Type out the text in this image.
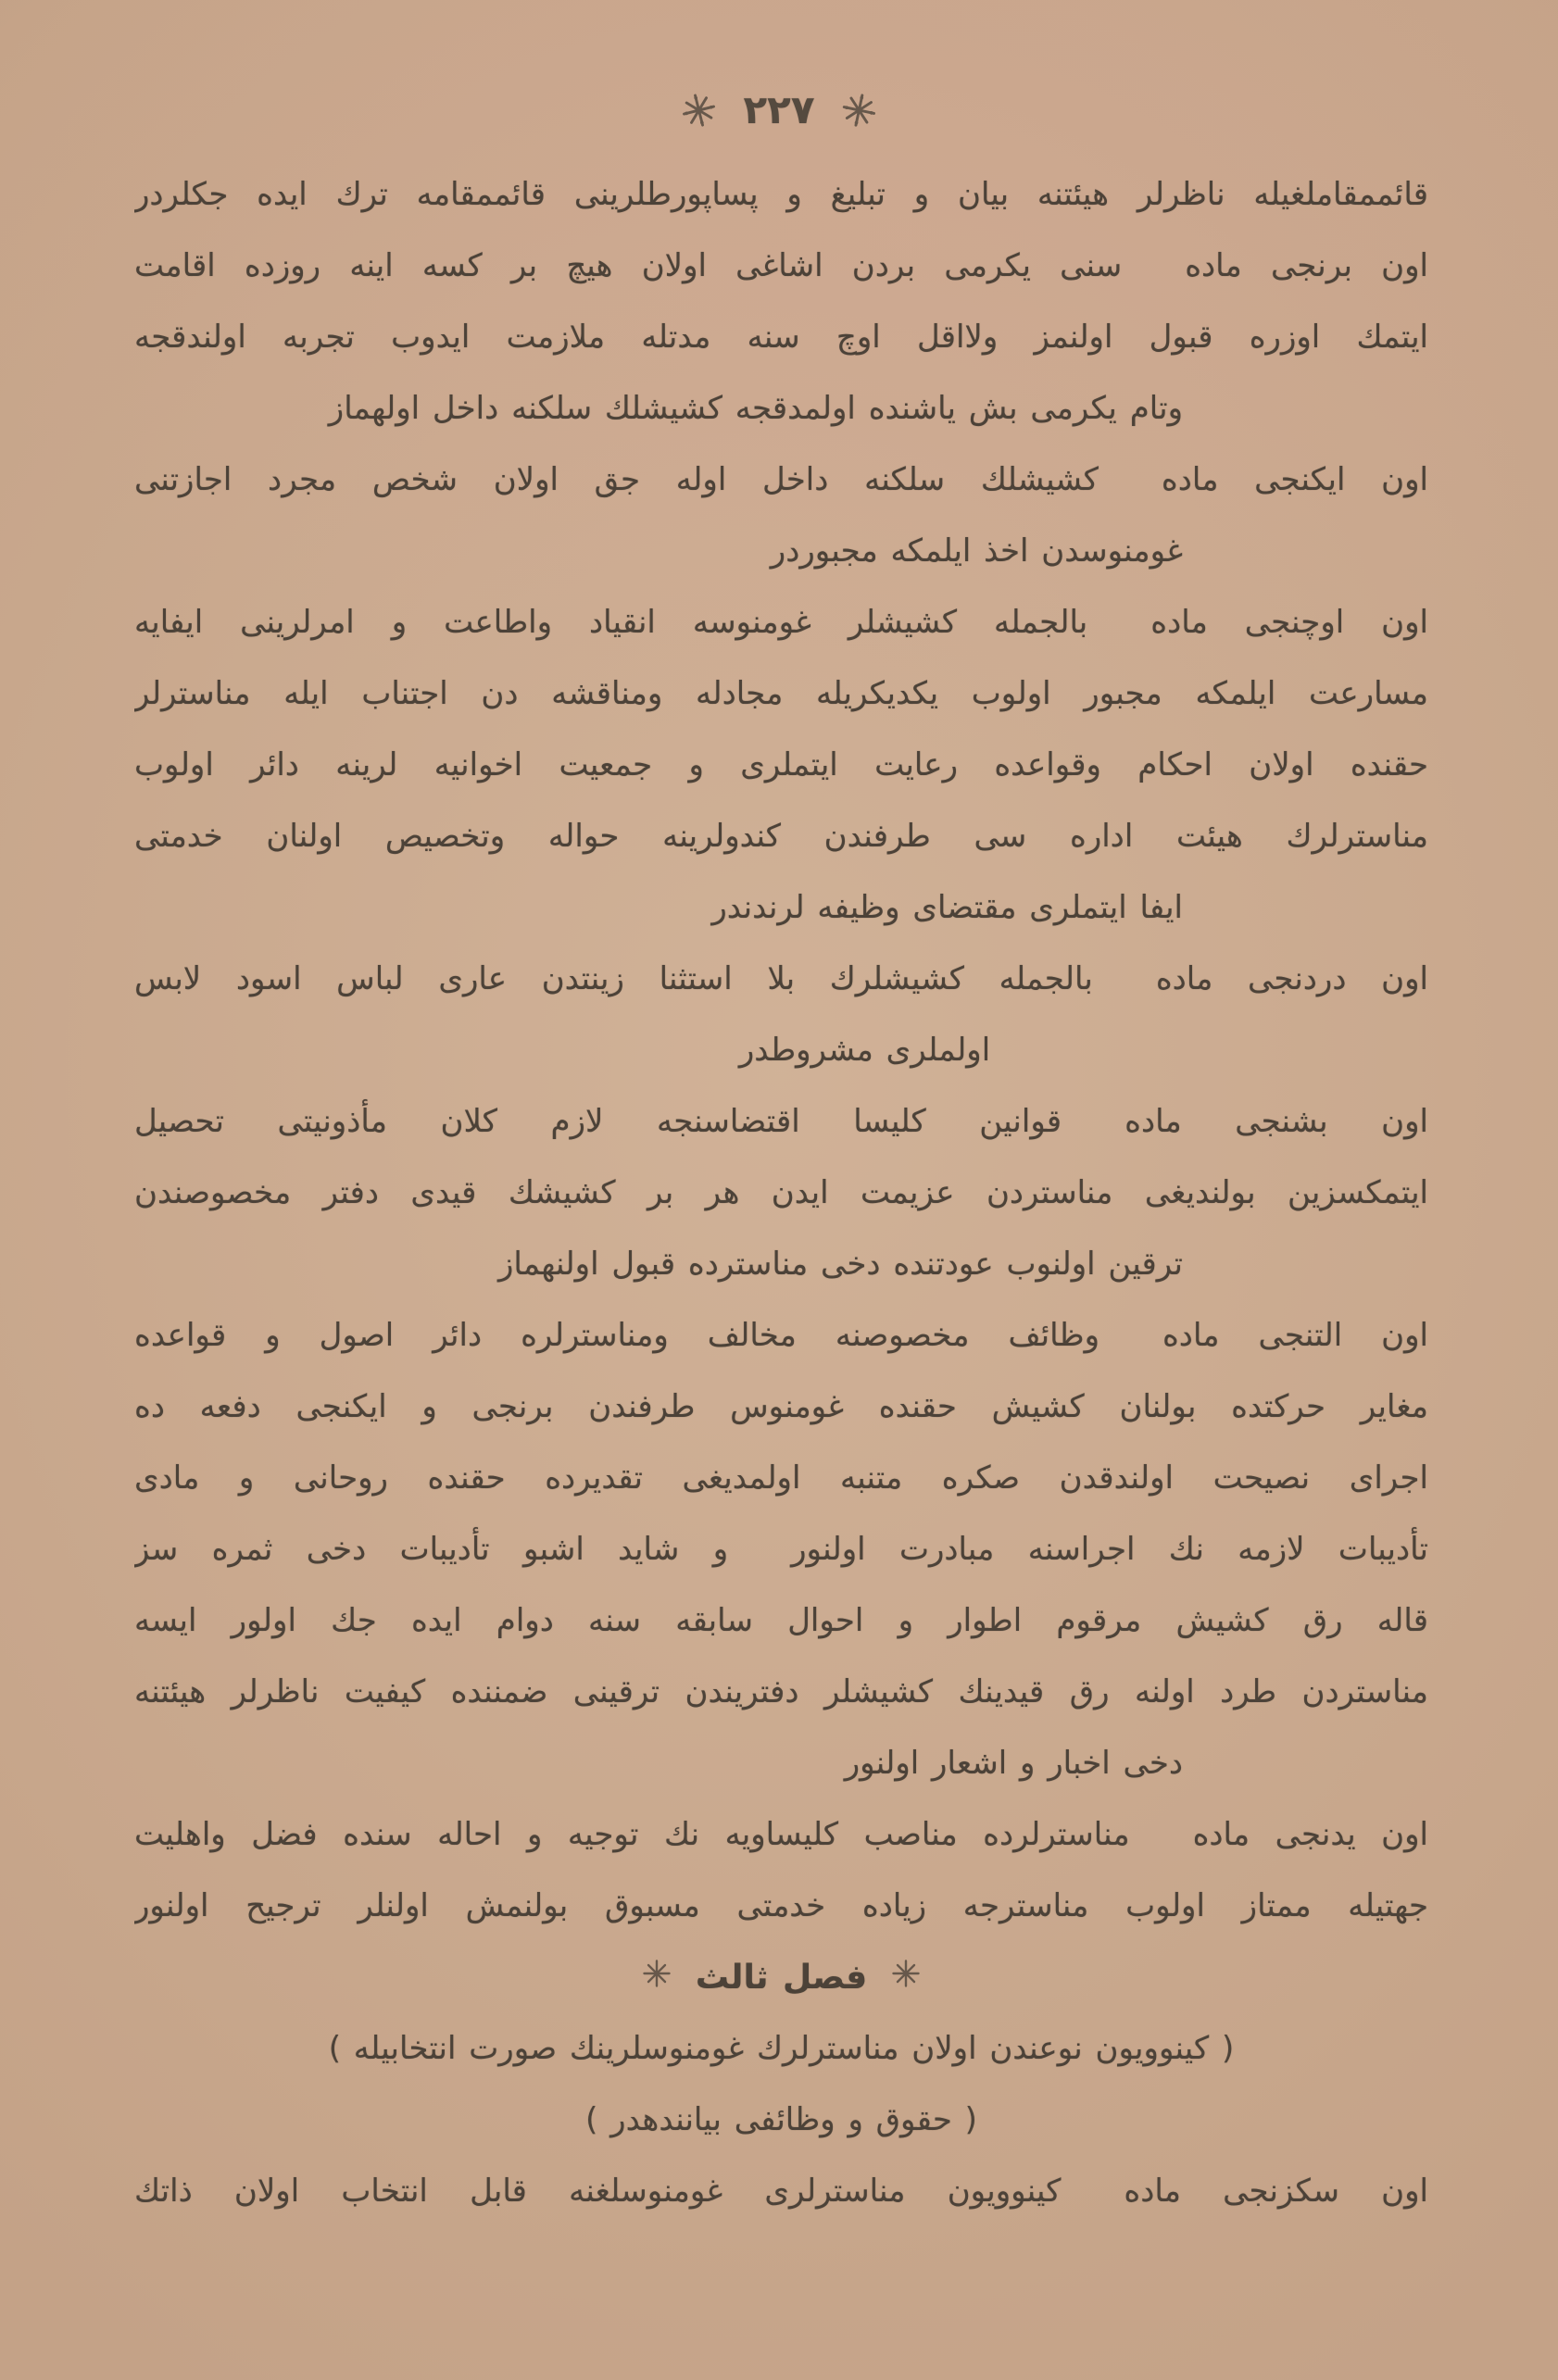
٢٢٧
قائممقاملغيله ناظرلر هيئتنه بيان و تبليغ و پساپورطلرينى قائممقامه ترك ايده جكلردر
اون برنجى ماده  سنى يكرمى بردن اشاغى اولان هيچ بر كسه اينه روزده اقامت
ايتمك اوزره قبول اولنمز ولااقل اوچ سنه مدتله ملازمت ايدوب تجربه اولندقجه
وتام يكرمى بش ياشنده اولمدقجه كشيشلك سلكنه داخل اولهماز
اون ايكنجى ماده  كشيشلك سلكنه داخل اوله جق اولان شخص مجرد اجازتنى
غومنوسدن اخذ ايلمكه مجبوردر
اون اوچنجى ماده  بالجمله كشيشلر غومنوسه انقياد واطاعت و امرلرينى ايفايه
مسارعت ايلمكه مجبور اولوب يكديكريله مجادله ومناقشه دن اجتناب ايله مناسترلر
حقنده اولان احكام وقواعده رعايت ايتملرى و جمعيت اخوانيه لرينه دائر اولوب
مناسترلرك هيئت اداره سى طرفندن كندولرينه حواله وتخصيص اولنان خدمتى
ايفا ايتملرى مقتضاى وظيفه لرندندر
اون دردنجى ماده  بالجمله كشيشلرك بلا استثنا زينتدن عارى لباس اسود لابس
اولملرى مشروطدر
اون بشنجى ماده  قوانين كليسا اقتضاسنجه لازم كلان مأذونيتى تحصيل
ايتمكسزين بولنديغى مناستردن عزيمت ايدن هر بر كشيشك قيدى دفتر مخصوصندن
ترقين اولنوب عودتنده دخى مناسترده قبول اولنهماز
اون التنجى ماده  وظائف مخصوصنه مخالف ومناسترلره دائر اصول و قواعده
مغاير حركتده بولنان كشيش حقنده غومنوس طرفندن برنجى و ايكنجى دفعه ده
اجراى نصيحت اولندقدن صكره متنبه اولمديغى تقديرده حقنده روحانى و مادى
تأديبات لازمه نك اجراسنه مبادرت اولنور  و شايد اشبو تأديبات دخى ثمره سز
قاله رق كشيش مرقوم اطوار و احوال سابقه سنه دوام ايده جك اولور ايسه
مناستردن طرد اولنه رق قيدينك كشيشلر دفتريندن ترقينى ضمننده كيفيت ناظرلر هيئتنه
دخى اخبار و اشعار اولنور
اون يدنجى ماده  مناسترلرده مناصب كليساويه نك توجيه و احاله سنده فضل واهليت
جهتيله ممتاز اولوب مناسترجه زياده خدمتى مسبوق بولنمش اولنلر ترجيح اولنور
فصل ثالث
( كينوويون نوعندن اولان مناسترلرك غومنوسلرينك صورت انتخابيله )
( حقوق و وظائفى بيانندهدر )
اون سكزنجى ماده  كينوويون مناسترلرى غومنوسلغنه قابل انتخاب اولان ذاتك
